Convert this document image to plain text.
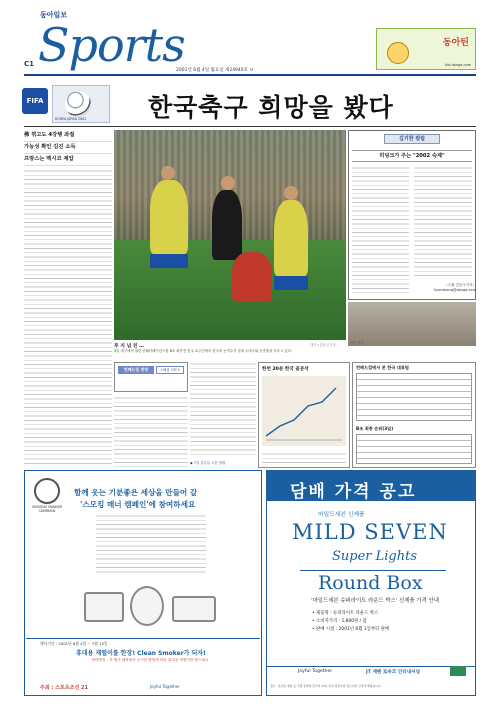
동아일보
Sports
C1
2001년 6월 4일 월요일 제24940호 ㅂ
동아틴
kid.donga.com
FIFA
KOREA JAPAN 2002 한국축구 희망을 봤다
佛 꺾고도 4강행 좌절
가능성 확인 김진 소득
프랑스는 멕시코 제압
투 지 넘 친 …
3일 대구에서 열린 컨페더레이션스컵 B조 최종전 한국-호주전에서 한국의 공격수가 상대 수비수와 공중볼을 다투고 있다.
대구=김동주기자
김기한 컬럼
히딩크가 주는 "2002 숙제"
〈주필·김동주기자〉
hyonsbang@donga.com
관련 기사
컨페드컵 전망	스페셜 리포트
◆ 7일 김수일 고문 칼럼
한번 20분 한국 골분석	컨페드컵에서 본 한국 대표팀
B조 최종 순위(3일)
SMOKING MANNER CAMPAIGN
함께 웃는 기분좋은 세상을 만들어 갈
'스모킹 매너 캠페인'에 참여하세요
행사기간 : 2001년 6월 4일 ~ 7월 15일
휴대용 재떨이를 한장! Clean Smoker가 되자!
참여방법 : 각 행사 매장에서 공시된 방법에 따라 휴대용 재떨이를 받으세요
주최 : 스포츠조선 21	Joyful Together
담배 가격 공고
마일드세븐 신제품
MILD SEVEN
Super Lights
Round Box
'마일드세븐 슈퍼라이트 라운드 박스' 신제품 가격 안내
• 제품명 : 슈퍼라이트 라운드 박스
• 소비자가격 : 1,800원 / 갑
• 판매 시점 : 2001년 6월 1일부터 판매
Joyful Together	JT 재팬 토바코 인터내셔널
경고 : 흡연은 폐암 등 각종 질병의 원인이 되며, 특히 임산부와 청소년의 건강에 해롭습니다.
